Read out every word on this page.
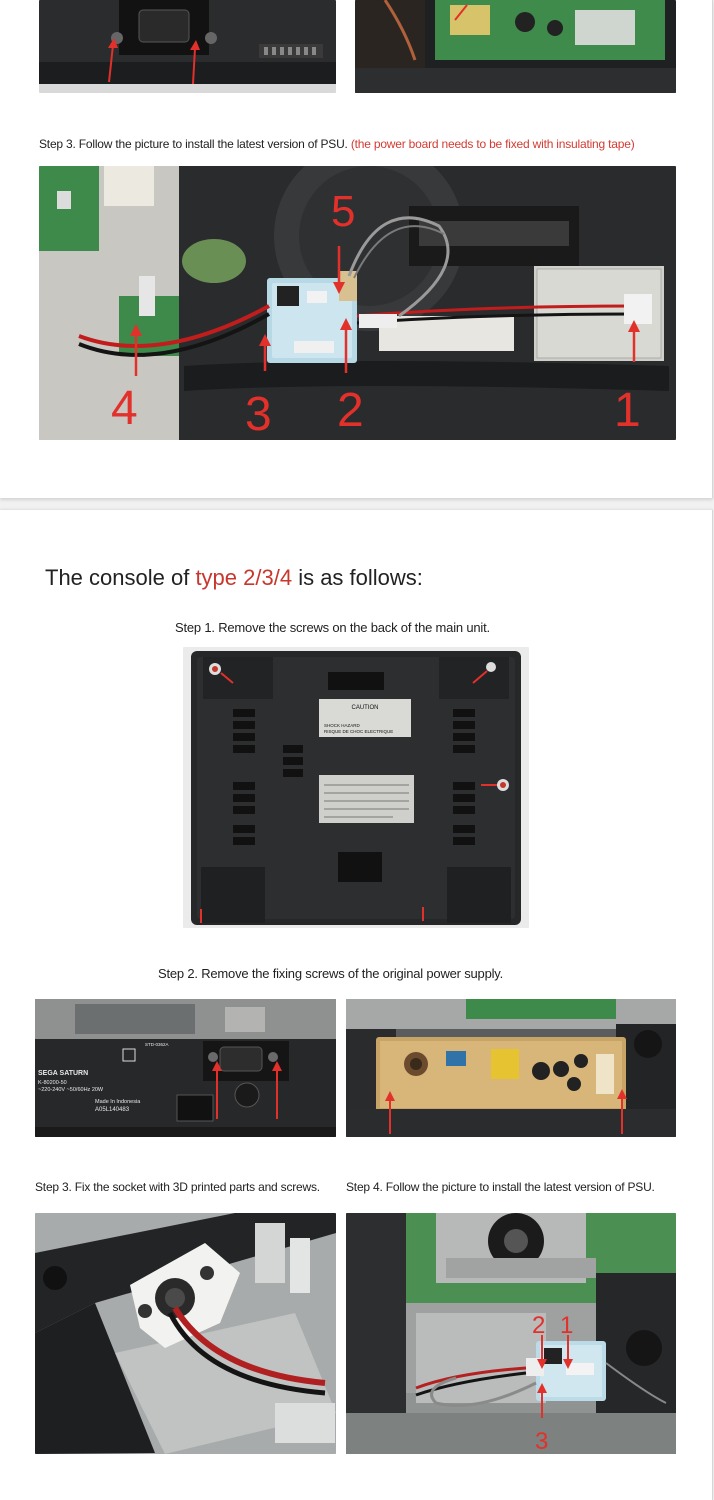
Step 3. Follow the picture to install the latest version of PSU. (the power board needs to be fixed with insulating tape)
5
4 3 2	1
The console of type 2/3/4 is as follows:
Step 1. Remove the screws on the back of the main unit.
CAUTION
SHOCK HAZARD
RISQUE DE CHOC ELECTRIQUE
Step 2. Remove the fixing screws of the original power supply.
SEGA SATURN
K-80200-50
~220-240V ~50/60Hz 20W
Made In Indonesia
A05L140483
STD-0362A
Step 3. Fix the socket with 3D printed parts and screws. Step 4. Follow the picture to install the latest version of PSU.
2 1
3
